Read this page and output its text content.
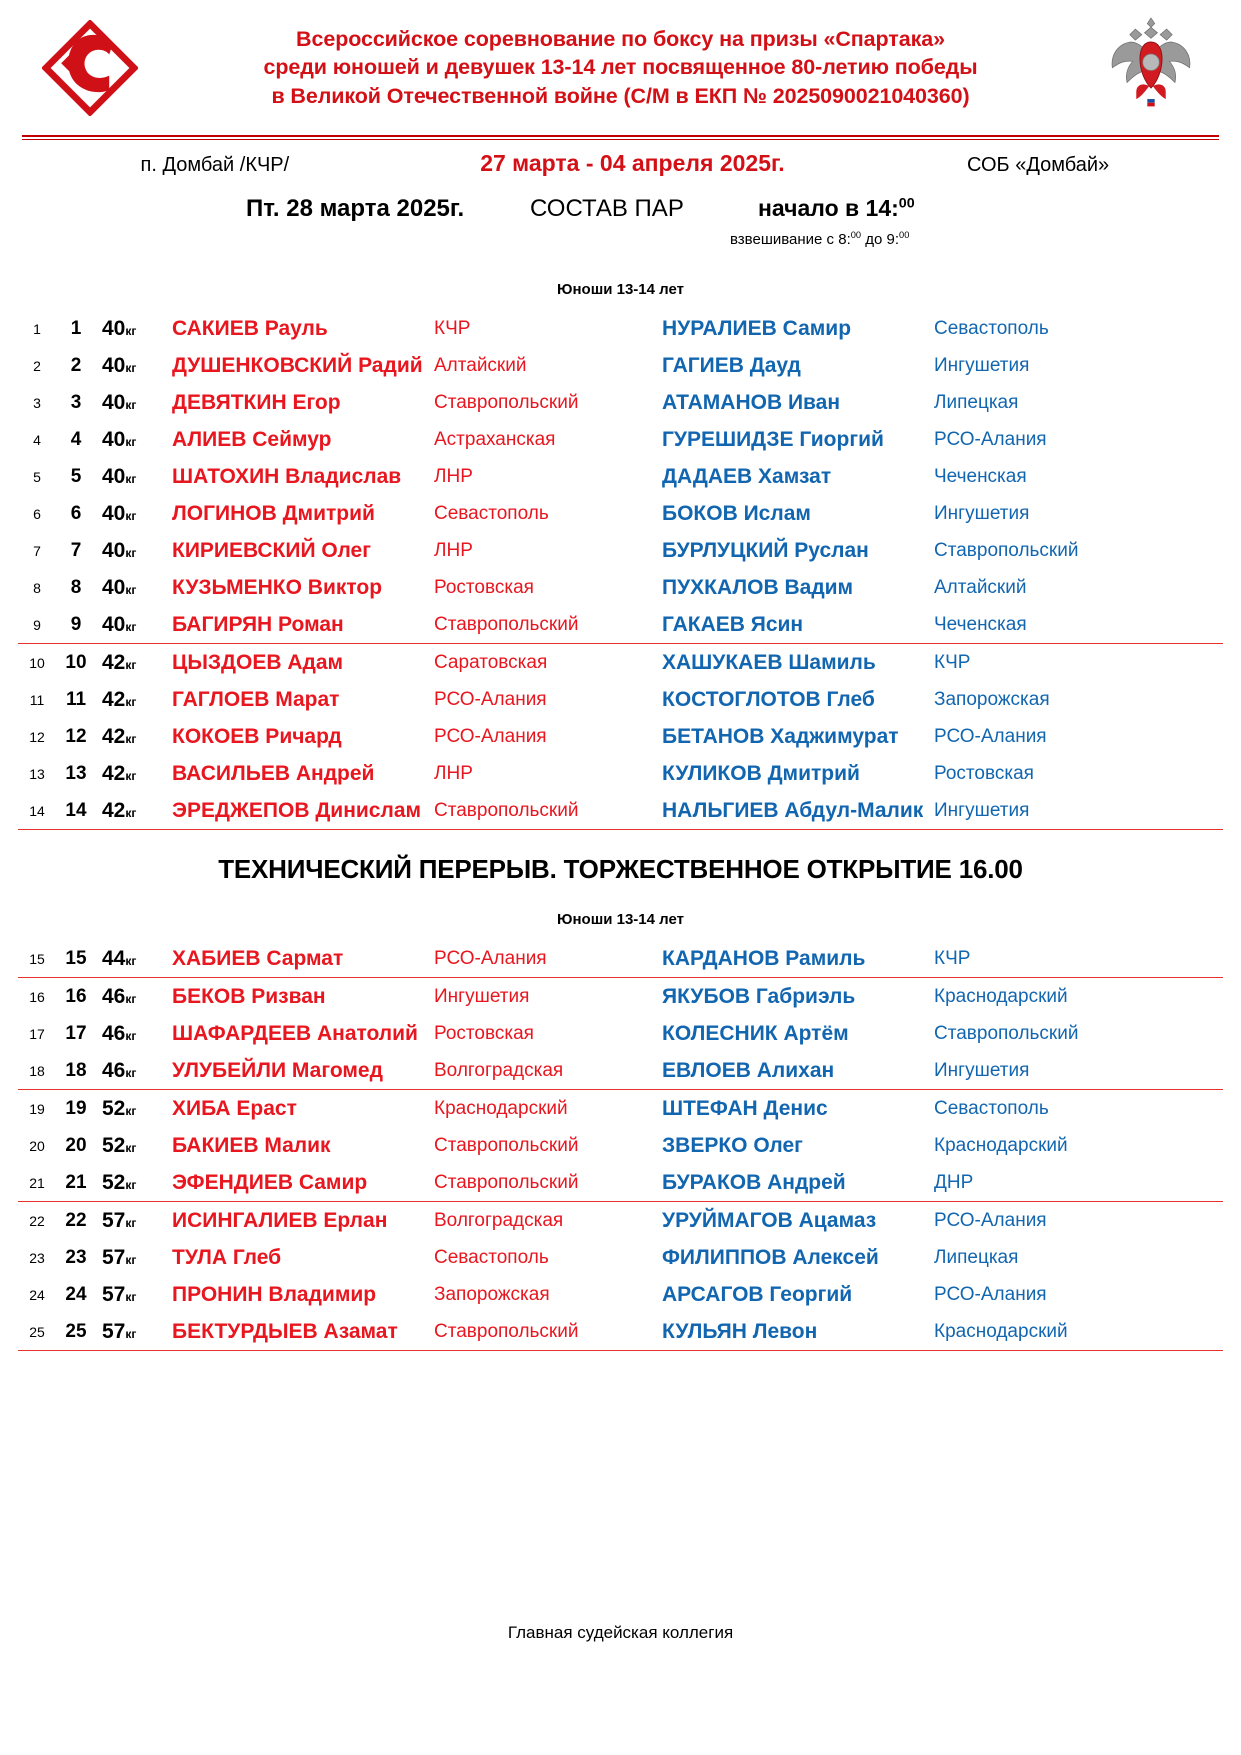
Всероссийское соревнование по боксу на призы «Спартака»
среди юношей и девушек 13-14 лет посвященное 80-летию победы
в Великой Отечественной войне (С/М в ЕКП № 2025090021040360)
п. Домбай /КЧР/	27 марта - 04 апреля 2025г.	СОБ «Домбай»
Пт. 28 марта 2025г.	СОСТАВ ПАР	начало в 14:$^{00}$
взвешивание с 8:$^{00}$ до 9:$^{00}$
Юноши 13-14 лет
1	1	40кг	САКИЕВ Рауль	КЧР	НУРАЛИЕВ Самир	Севастополь
2	2	40кг	ДУШЕНКОВСКИЙ Радий	Алтайский	ГАГИЕВ Дауд	Ингушетия
3	3	40кг	ДЕВЯТКИН Егор	Ставропольский	АТАМАНОВ Иван	Липецкая
4	4	40кг	АЛИЕВ Сеймур	Астраханская	ГУРЕШИДЗЕ Гиоргий	РСО-Алания
5	5	40кг	ШАТОХИН Владислав	ЛНР	ДАДАЕВ Хамзат	Чеченская
6	6	40кг	ЛОГИНОВ Дмитрий	Севастополь	БОКОВ Ислам	Ингушетия
7	7	40кг	КИРИЕВСКИЙ Олег	ЛНР	БУРЛУЦКИЙ Руслан	Ставропольский
8	8	40кг	КУЗЬМЕНКО Виктор	Ростовская	ПУХКАЛОВ Вадим	Алтайский
9	9	40кг	БАГИРЯН Роман	Ставропольский	ГАКАЕВ Ясин	Чеченская

10	10	42кг	ЦЫЗДОЕВ Адам	Саратовская	ХАШУКАЕВ Шамиль	КЧР
11	11	42кг	ГАГЛОЕВ Марат	РСО-Алания	КОСТОГЛОТОВ Глеб	Запорожская
12	12	42кг	КОКОЕВ Ричард	РСО-Алания	БЕТАНОВ Хаджимурат	РСО-Алания
13	13	42кг	ВАСИЛЬЕВ Андрей	ЛНР	КУЛИКОВ Дмитрий	Ростовская
14	14	42кг	ЭРЕДЖЕПОВ Динислам	Ставропольский	НАЛЬГИЕВ Абдул-Малик	Ингушетия

ТЕХНИЧЕСКИЙ ПЕРЕРЫВ. ТОРЖЕСТВЕННОЕ ОТКРЫТИЕ 16.00
Юноши 13-14 лет
15	15	44кг	ХАБИЕВ Сармат	РСО-Алания	КАРДАНОВ Рамиль	КЧР

16	16	46кг	БЕКОВ Ризван	Ингушетия	ЯКУБОВ Габриэль	Краснодарский
17	17	46кг	ШАФАРДЕЕВ Анатолий	Ростовская	КОЛЕСНИК Артём	Ставропольский
18	18	46кг	УЛУБЕЙЛИ Магомед	Волгоградская	ЕВЛОЕВ Алихан	Ингушетия

19	19	52кг	ХИБА Ераст	Краснодарский	ШТЕФАН Денис	Севастополь
20	20	52кг	БАКИЕВ Малик	Ставропольский	ЗВЕРКО Олег	Краснодарский
21	21	52кг	ЭФЕНДИЕВ Самир	Ставропольский	БУРАКОВ Андрей	ДНР

22	22	57кг	ИСИНГАЛИЕВ Ерлан	Волгоградская	УРУЙМАГОВ Ацамаз	РСО-Алания
23	23	57кг	ТУЛА Глеб	Севастополь	ФИЛИППОВ Алексей	Липецкая
24	24	57кг	ПРОНИН Владимир	Запорожская	АРСАГОВ Георгий	РСО-Алания
25	25	57кг	БЕКТУРДЫЕВ Азамат	Ставропольский	КУЛЬЯН Левон	Краснодарский

Главная судейская коллегия
